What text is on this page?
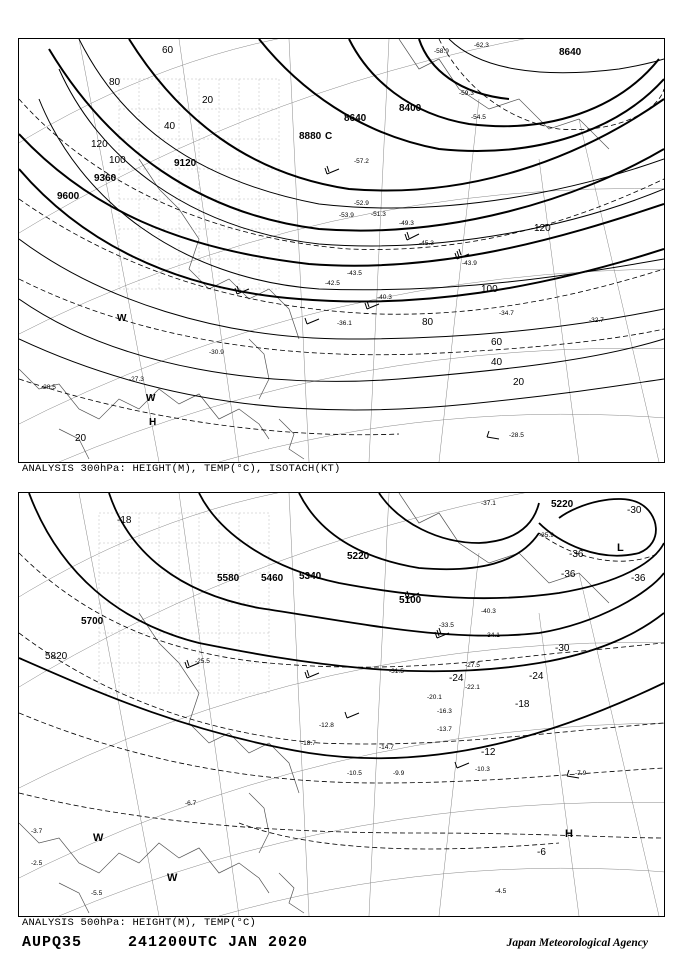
9600
9360
9120
8880
8640
8400
8640
120
100
80
60
40
20
120
100
80
60
40
20
20
C
W
H
W
-58.9
-62.3
-59.3
-54.5
-52.9
-51.3
-49.3
-45.3
-43.9
-43.5
-42.5
-40.3
-34.7
-36.1	-32.7
-30.9
-28.5
-27.3
-57.2
-53.9
-28.5
ANALYSIS 300hPa: HEIGHT(M), TEMP(°C), ISOTACH(KT)
5820
5700
5580 5460 5340
5220
5100
5220
-30
-36
-36	-36
-30
-24
-18
-12
-6
-18
-24
L
H
W
W
-37.1
-35.9
-40.3
-34.1
-33.5
-27.5
-22.1
-20.1
-16.3
-13.7
-10.3
-9.9	-7.9
-6.7
-5.5	-4.5
-3.7
-2.5
-10.5
-12.8
-14.7
-18.7
-25.5
-31.5
ANALYSIS 500hPa: HEIGHT(M), TEMP(°C)
AUPQ35	241200UTC JAN 2020	Japan Meteorological Agency
